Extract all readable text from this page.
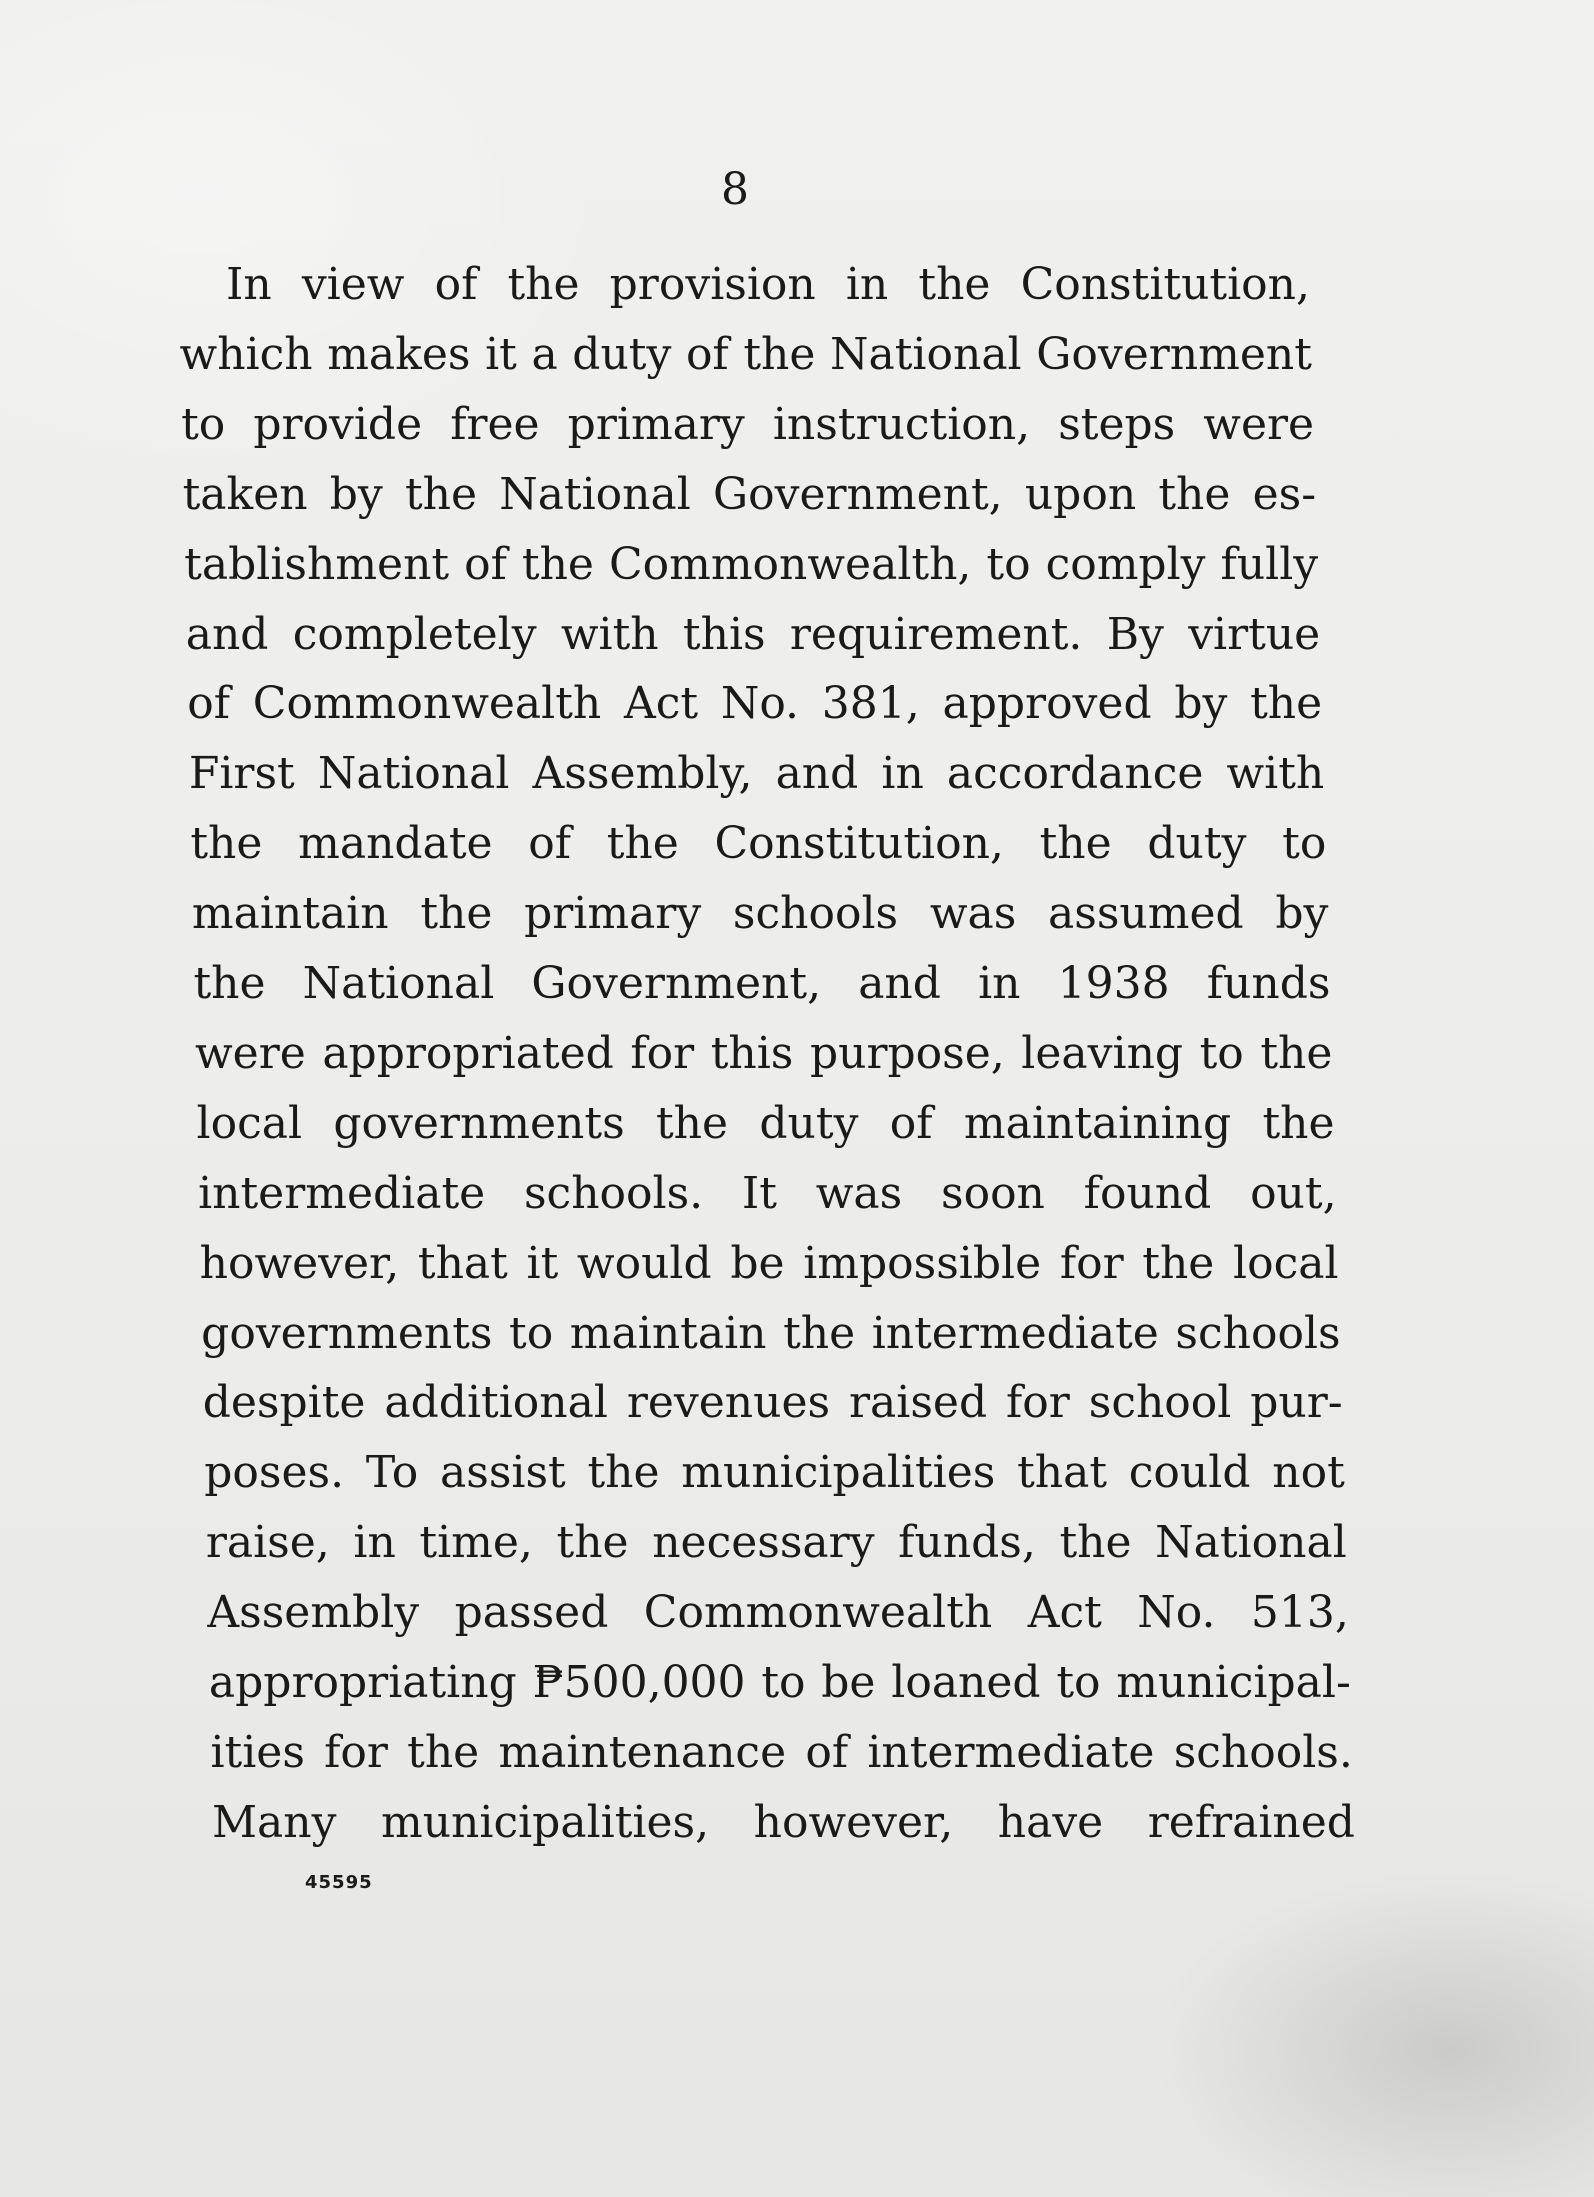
8
In view of the provision in the Constitution,
which makes it a duty of the National Government
to provide free primary instruction, steps were
taken by the National Government, upon the es-
tablishment of the Commonwealth, to comply fully
and completely with this requirement. By virtue
of Commonwealth Act No. 381, approved by the
First National Assembly, and in accordance with
the mandate of the Constitution, the duty to
maintain the primary schools was assumed by
the National Government, and in 1938 funds
were appropriated for this purpose, leaving to the
local governments the duty of maintaining the
intermediate schools. It was soon found out,
however, that it would be impossible for the local
governments to maintain the intermediate schools
despite additional revenues raised for school pur-
poses. To assist the municipalities that could not
raise, in time, the necessary funds, the National
Assembly passed Commonwealth Act No. 513,
appropriating ₱500,000 to be loaned to municipal-
ities for the maintenance of intermediate schools.
Many municipalities, however, have refrained
45595
